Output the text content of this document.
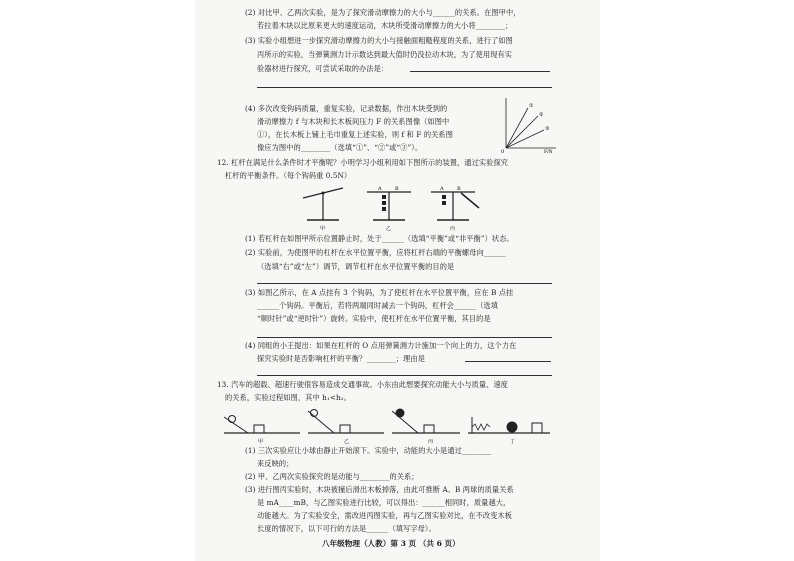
(2) 对比甲、乙两次实验，是为了探究滑动摩擦力的大小与______的关系。在图甲中，
若拉着木块以比原来更大的速度运动，木块所受滑动摩擦力的大小将________；
(3) 实验小组想进一步探究滑动摩擦力的大小与接触面粗糙程度的关系，进行了如图
丙所示的实验，当弹簧测力计示数达到最大值时仍没拉动木块，为了使用现有实
验器材进行探究，可尝试采取的办法是：
(4) 多次改变钩码质量，重复实验，记录数据，作出木块受到的
滑动摩擦力 f 与木块和长木板间压力 F 的关系图像（如图中
①），在长木板上铺上毛巾重复上述实验，则 f 和 F 的关系图
像应为图中的________（选填“①”、“②”或“③”）。
①
②
③
0	F/N
12. 杠杆在满足什么条件时才平衡呢？小明学习小组利用如下图所示的装置，通过实验探究
杠杆的平衡条件。（每个钩码重 0.5N）
A	B	A	B
甲	乙	丙
(1) 若杠杆在如图甲所示位置静止时，处于______（选填“平衡”或“非平衡”）状态。
(2) 实验前，为使图甲的杠杆在水平位置平衡，应将杠杆右端的平衡螺母向______
（选填“右”或“左”）调节，调节杠杆在水平位置平衡的目的是
(3) 如图乙所示，在 A 点挂有 3 个钩码，为了使杠杆在水平位置平衡，应在 B 点挂
______个钩码。平衡后，若将两端同时减去一个钩码，杠杆会______（选填
“顺时针”或“逆时针”）旋转。实验中，使杠杆在水平位置平衡，其目的是
(4) 同组的小王提出：如果在杠杆的 O 点用弹簧测力计施加一个向上的力，这个力在
探究实验时是否影响杠杆的平衡？________；理由是
13. 汽车的超载、超速行驶很容易造成交通事故。小东由此想要探究动能大小与质量、速度
的关系，实验过程如图，其中 h₁<h₂。
甲	乙	丙	丁
(1) 三次实验应让小球由静止开始滚下。实验中，动能的大小是通过________
来反映的；
(2) 甲、乙两次实验探究的是动能与________的关系；
(3) 进行图丙实验时，木块被撞后滑出木板掉落，由此可推断 A、B 两球的质量关系
是 mA____mB，与乙图实验进行比较，可以得出：______相同时，质量越大，
动能越大。为了实验安全，需改进丙图实验，再与乙图实验对比，在不改变木板
长度的情况下，以下可行的方法是______（填写字母）。
八年级物理（人教）第 3 页 （共 6 页）
